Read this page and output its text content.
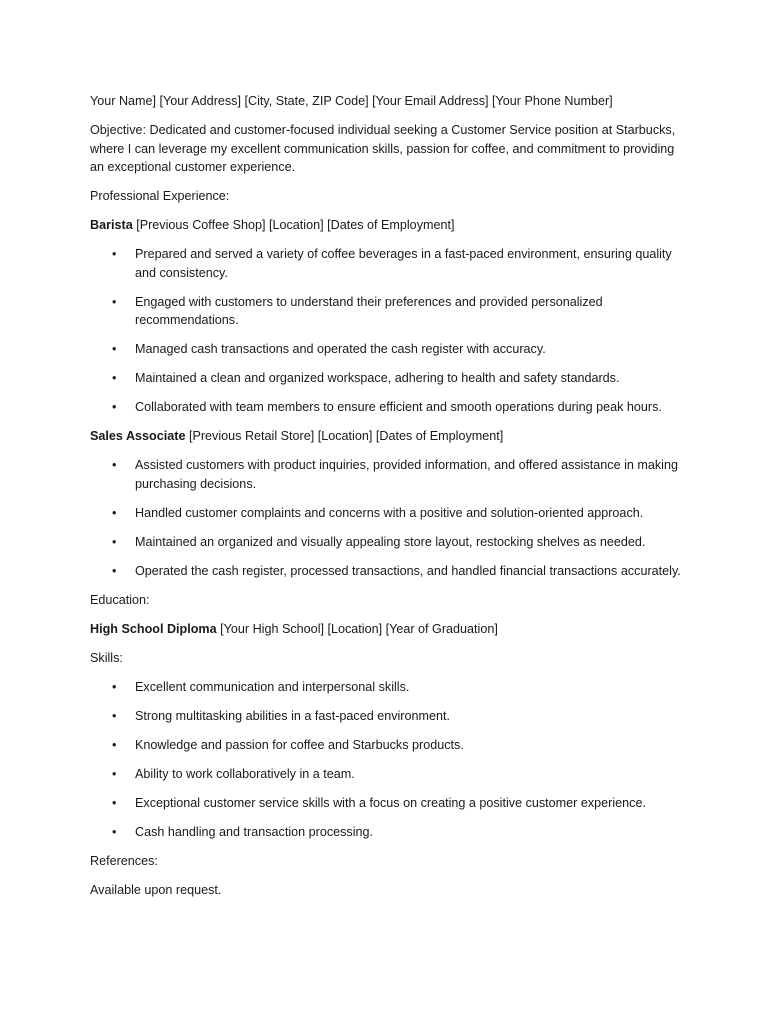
Your Name] [Your Address] [City, State, ZIP Code] [Your Email Address] [Your Phone Number]

Objective: Dedicated and customer-focused individual seeking a Customer Service position at Starbucks, where I can leverage my excellent communication skills, passion for coffee, and commitment to providing an exceptional customer experience.

Professional Experience:

Barista [Previous Coffee Shop] [Location] [Dates of Employment]

• Prepared and served a variety of coffee beverages in a fast-paced environment, ensuring quality and consistency.
• Engaged with customers to understand their preferences and provided personalized recommendations.
• Managed cash transactions and operated the cash register with accuracy.
• Maintained a clean and organized workspace, adhering to health and safety standards.
• Collaborated with team members to ensure efficient and smooth operations during peak hours.

Sales Associate [Previous Retail Store] [Location] [Dates of Employment]

• Assisted customers with product inquiries, provided information, and offered assistance in making purchasing decisions.
• Handled customer complaints and concerns with a positive and solution-oriented approach.
• Maintained an organized and visually appealing store layout, restocking shelves as needed.
• Operated the cash register, processed transactions, and handled financial transactions accurately.

Education:

High School Diploma [Your High School] [Location] [Year of Graduation]

Skills:

• Excellent communication and interpersonal skills.
• Strong multitasking abilities in a fast-paced environment.
• Knowledge and passion for coffee and Starbucks products.
• Ability to work collaboratively in a team.
• Exceptional customer service skills with a focus on creating a positive customer experience.
• Cash handling and transaction processing.

References:

Available upon request.
